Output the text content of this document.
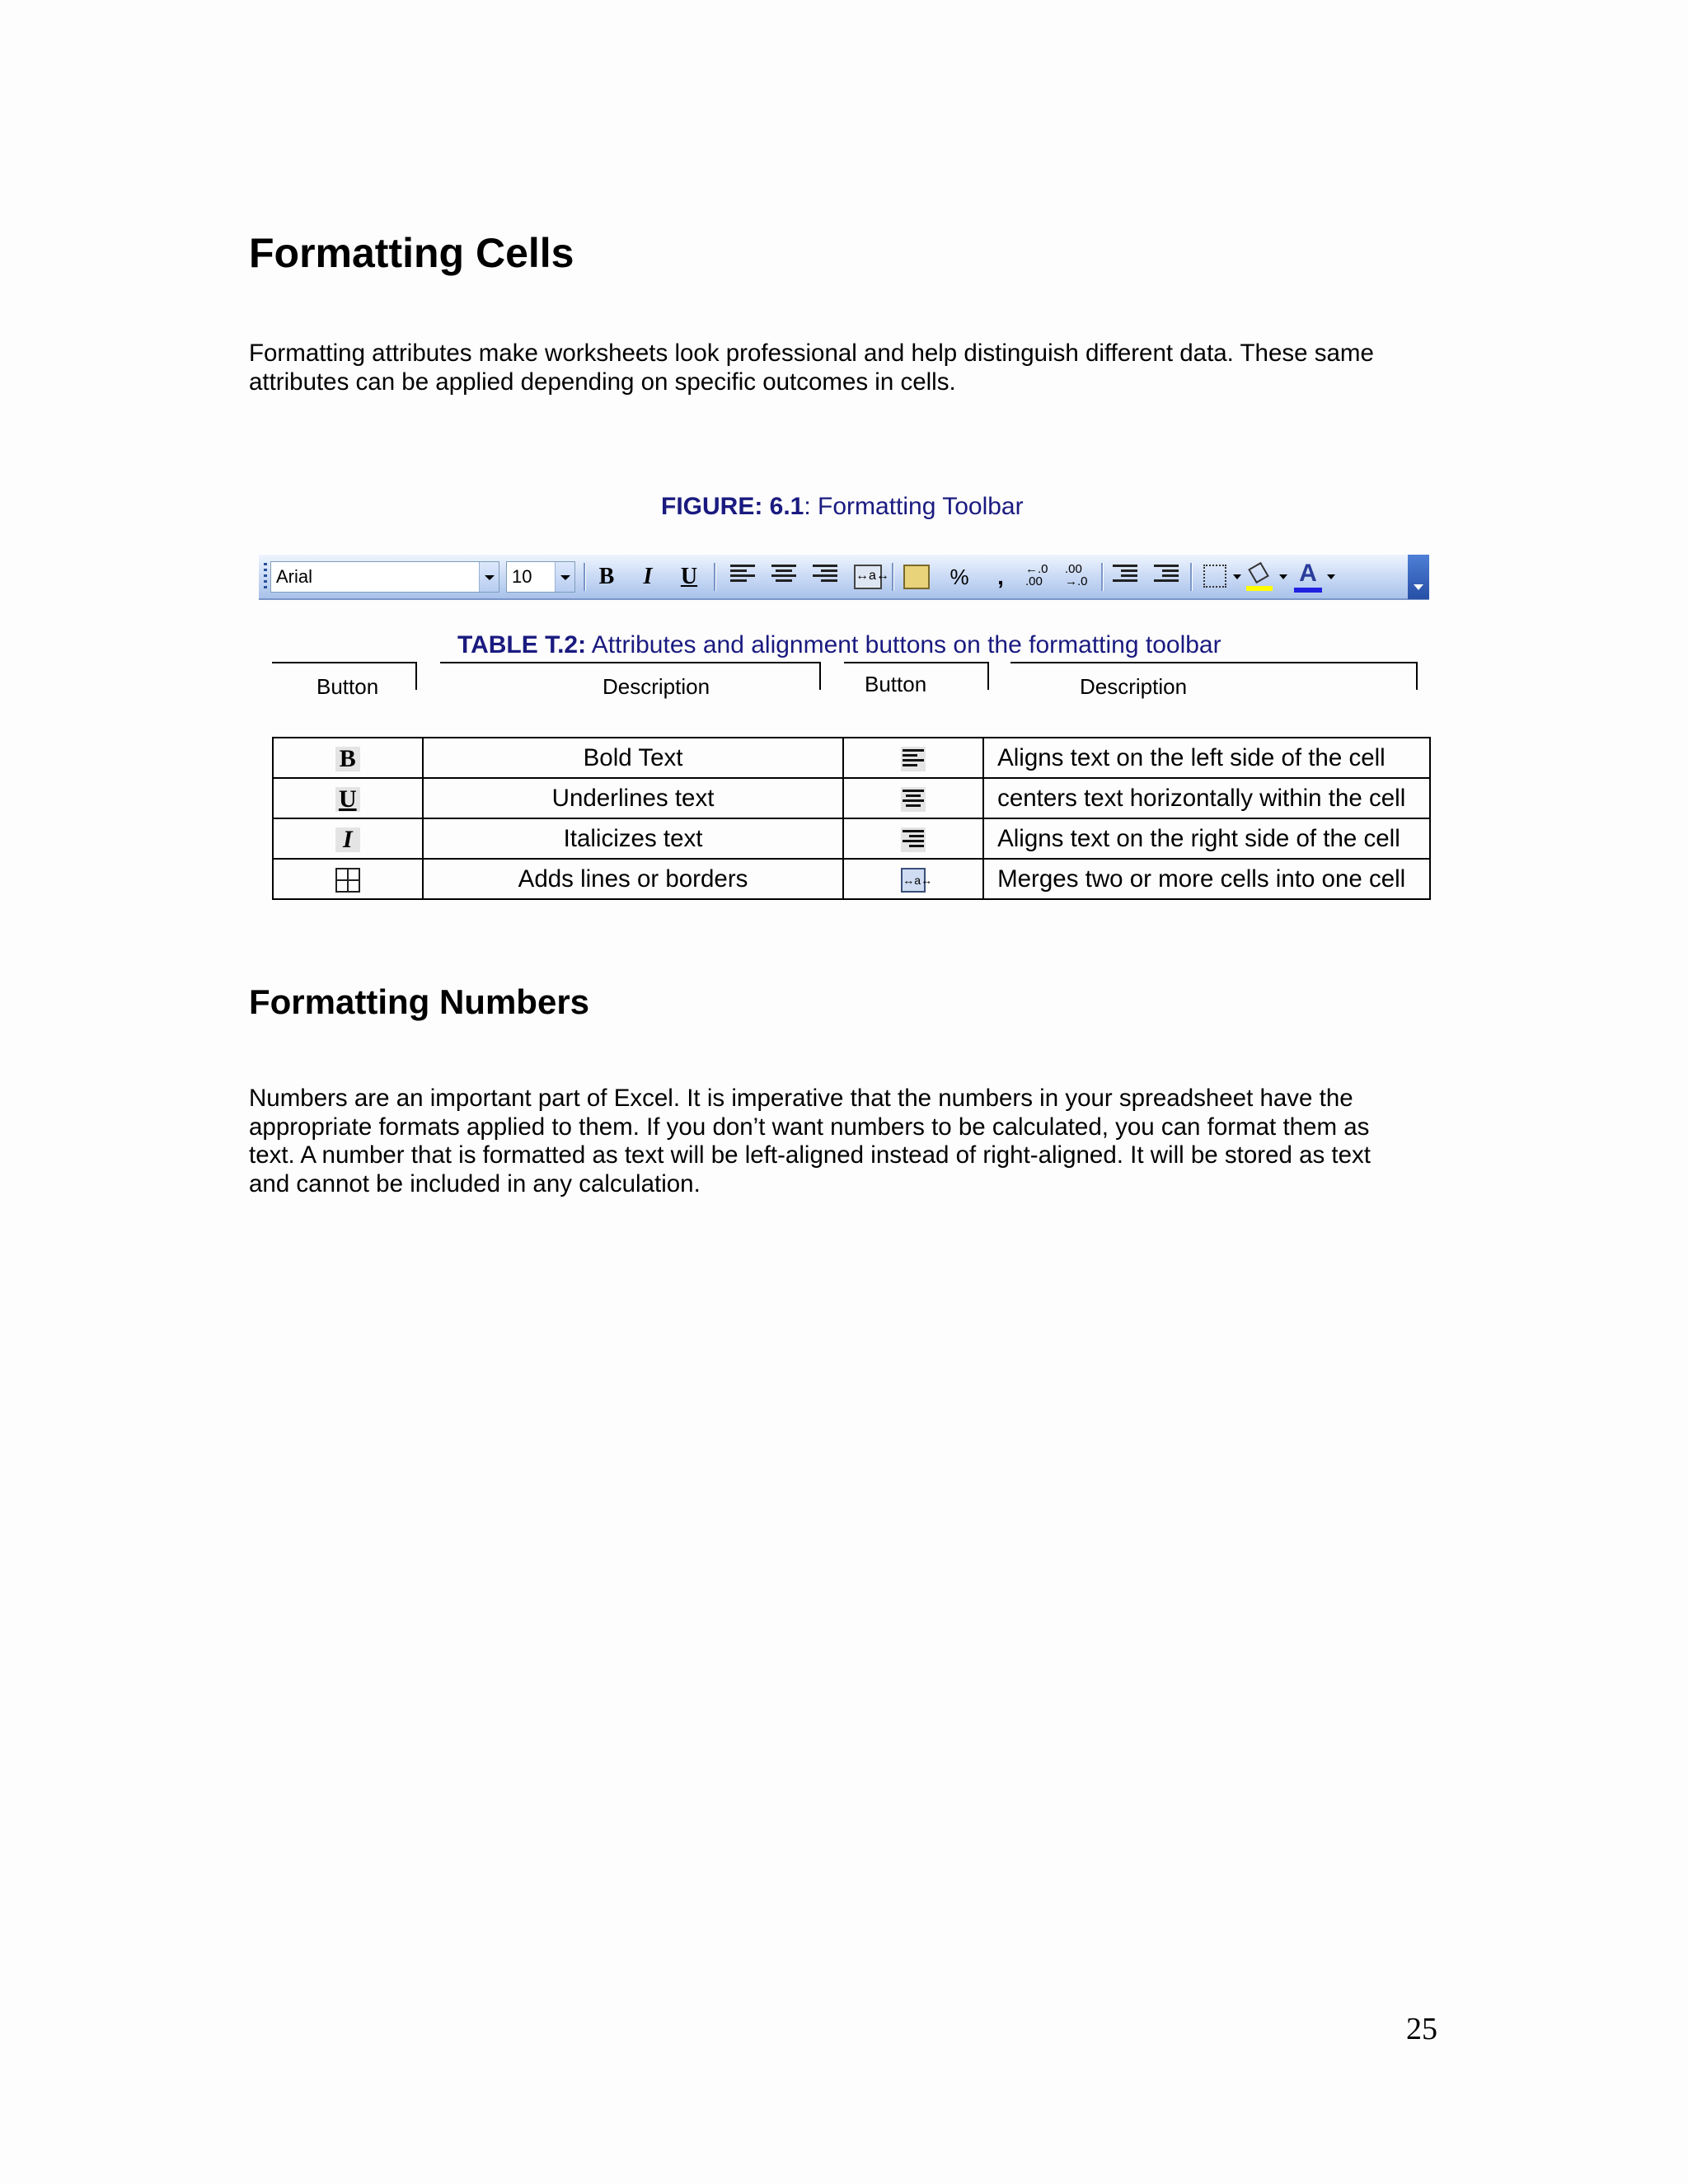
Formatting Cells
Formatting attributes make worksheets look professional and help distinguish different data. These same
attributes can be applied depending on specific outcomes in cells.
FIGURE: 6.1: Formatting Toolbar
Arial	10	B	I	U	↔a↔	%	,	←.0
.00
.00
→.0	A
TABLE T.2: Attributes and alignment buttons on the formatting toolbar
Button	Description	Button	Description
B	Bold Text		Aligns text on the left side of the cell
U	Underlines text		centers text horizontally within the cell
I	Italicizes text		Aligns text on the right side of the cell

	Adds lines or borders	↔a↔	Merges two or more cells into one cell
Formatting Numbers
Numbers are an important part of Excel. It is imperative that the numbers in your spreadsheet have the
appropriate formats applied to them. If you don’t want numbers to be calculated, you can format them as
text. A number that is formatted as text will be left-aligned instead of right-aligned. It will be stored as text
and cannot be included in any calculation.
25
